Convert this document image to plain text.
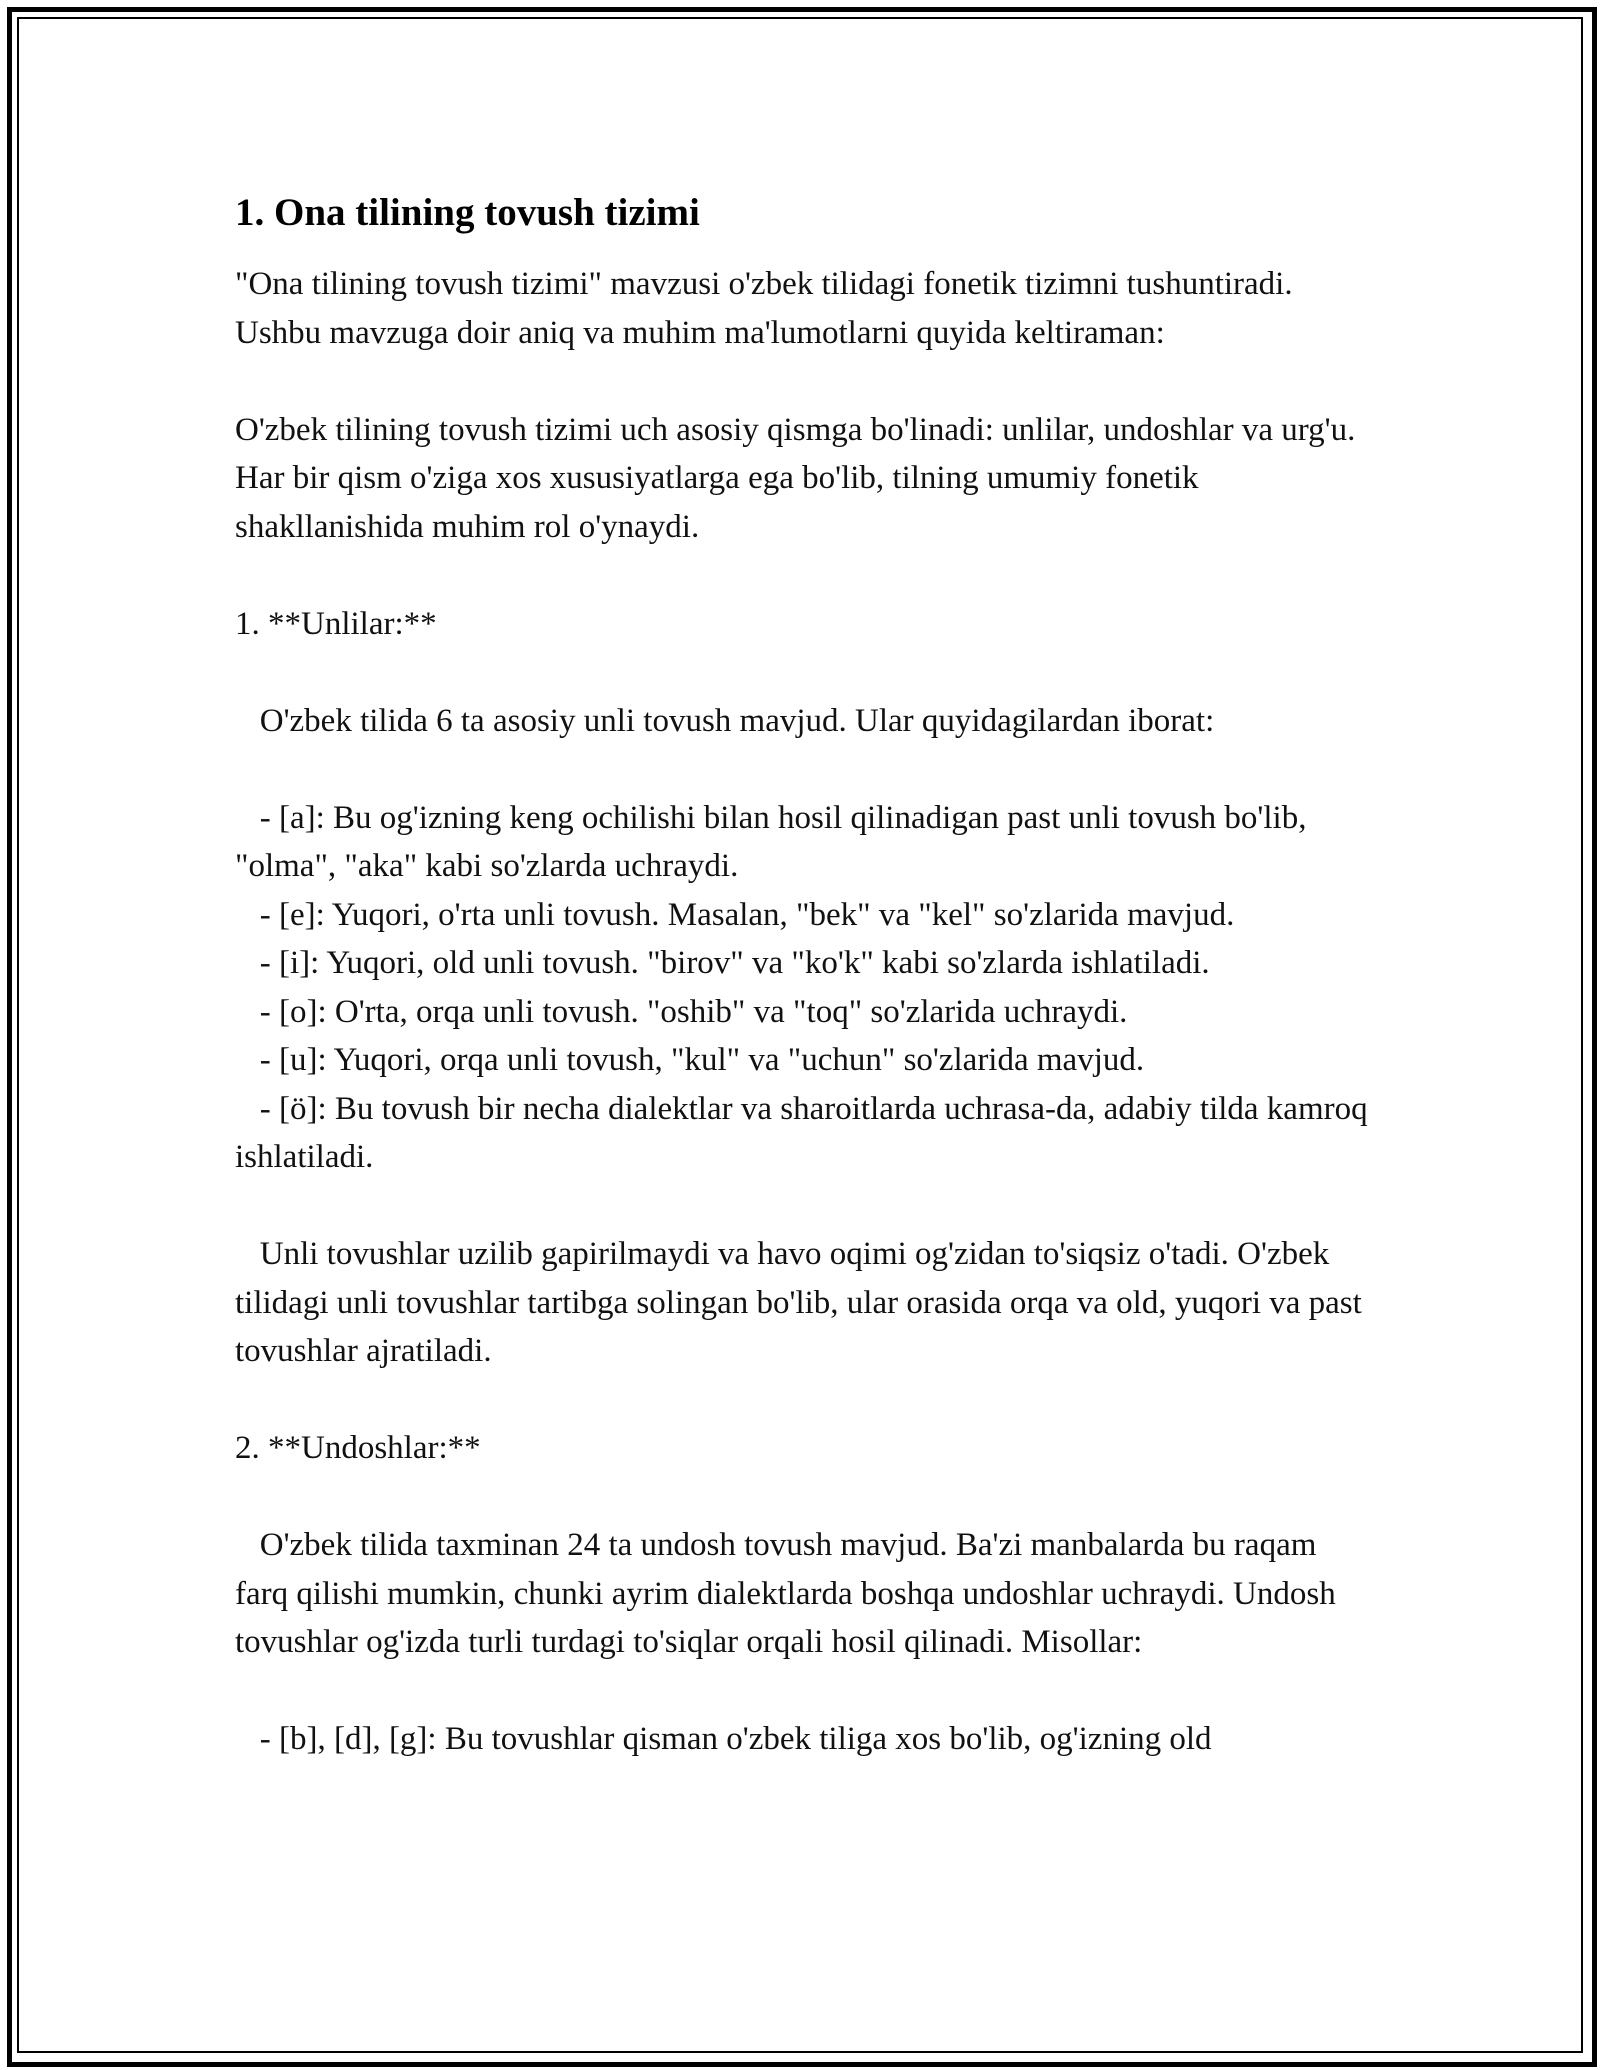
1. Ona tilining tovush tizimi

"Ona tilining tovush tizimi" mavzusi o'zbek tilidagi fonetik tizimni tushuntiradi. Ushbu mavzuga doir aniq va muhim ma'lumotlarni quyida keltiraman:

O'zbek tilining tovush tizimi uch asosiy qismga bo'linadi: unlilar, undoshlar va urg'u. Har bir qism o'ziga xos xususiyatlarga ega bo'lib, tilning umumiy fonetik shakllanishida muhim rol o'ynaydi.

1. **Unlilar:**

O'zbek tilida 6 ta asosiy unli tovush mavjud. Ular quyidagilardan iborat:

- [a]: Bu og'izning keng ochilishi bilan hosil qilinadigan past unli tovush bo'lib, "olma", "aka" kabi so'zlarda uchraydi.
- [e]: Yuqori, o'rta unli tovush. Masalan, "bek" va "kel" so'zlarida mavjud.
- [i]: Yuqori, old unli tovush. "birov" va "ko'k" kabi so'zlarda ishlatiladi.
- [o]: O'rta, orqa unli tovush. "oshib" va "toq" so'zlarida uchraydi.
- [u]: Yuqori, orqa unli tovush, "kul" va "uchun" so'zlarida mavjud.
- [ö]: Bu tovush bir necha dialektlar va sharoitlarda uchrasa-da, adabiy tilda kamroq ishlatiladi.

Unli tovushlar uzilib gapirilmaydi va havo oqimi og'zidan to'siqsiz o'tadi. O'zbek tilidagi unli tovushlar tartibga solingan bo'lib, ular orasida orqa va old, yuqori va past tovushlar ajratiladi.

2. **Undoshlar:**

O'zbek tilida taxminan 24 ta undosh tovush mavjud. Ba'zi manbalarda bu raqam farq qilishi mumkin, chunki ayrim dialektlarda boshqa undoshlar uchraydi. Undosh tovushlar og'izda turli turdagi to'siqlar orqali hosil qilinadi. Misollar:

- [b], [d], [g]: Bu tovushlar qisman o'zbek tiliga xos bo'lib, og'izning old
